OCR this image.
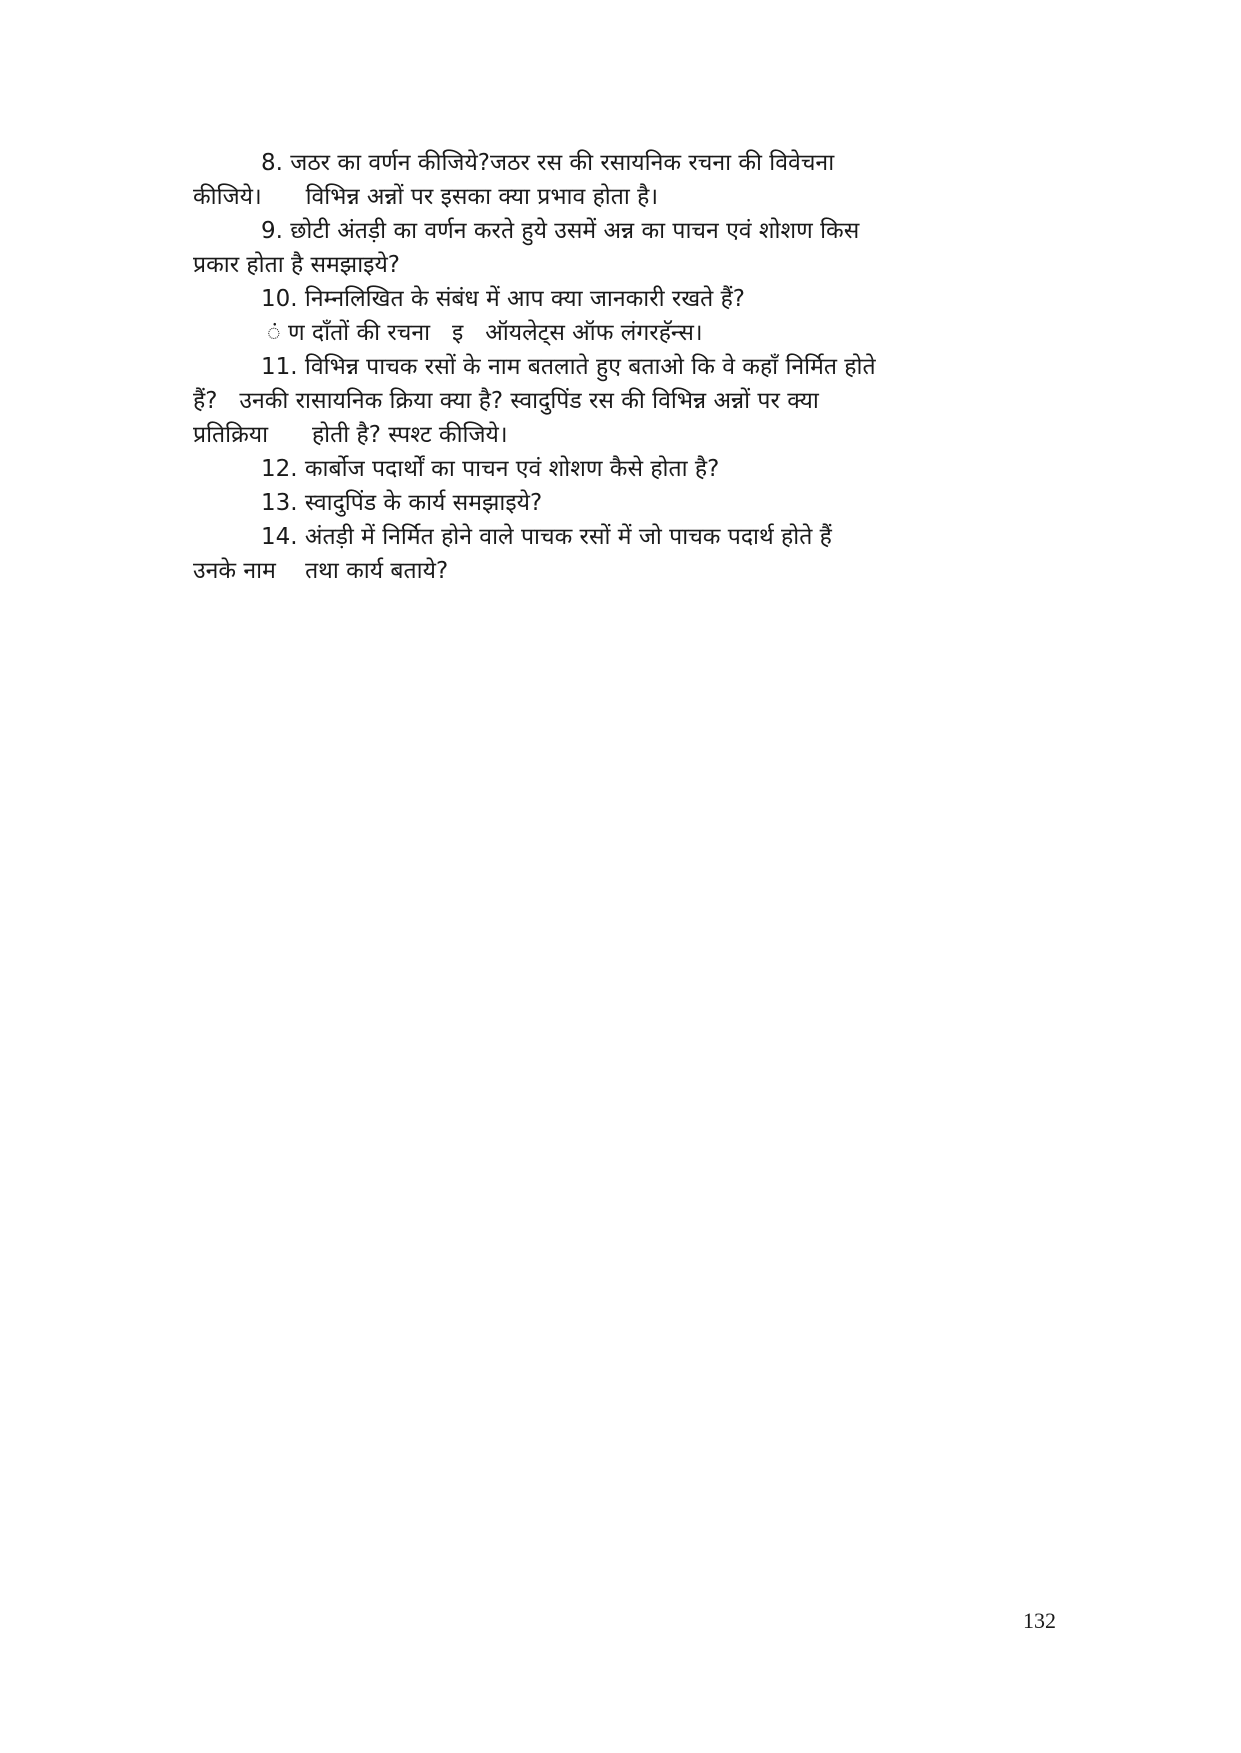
8. जठर का वर्णन कीजिये?जठर रस की रसायनिक रचना की विवेचना
कीजिये।      विभिन्न अन्नों पर इसका क्या प्रभाव होता है।
9. छोटी अंतड़ी का वर्णन करते हुये उसमें अन्न का पाचन एवं शोशण किस
प्रकार होता है समझाइये?
10. निम्नलिखित के संबंध में आप क्या जानकारी रखते हैं?
ं ण दाँतों की रचना   इ   ऑयलेट्स ऑफ लंगरहॅन्स।
11. विभिन्न पाचक रसों के नाम बतलाते हुए बताओ कि वे कहाँ निर्मित होते
हैं?   उनकी रासायनिक क्रिया क्या है? स्वादुपिंड रस की विभिन्न अन्नों पर क्या
प्रतिक्रिया      होती है? स्पश्ट कीजिये।
12. कार्बोज पदार्थों का पाचन एवं शोशण कैसे होता है?
13. स्वादुपिंड के कार्य समझाइये?
14. अंतड़ी में निर्मित होने वाले पाचक रसों में जो पाचक पदार्थ होते हैं
उनके नाम    तथा कार्य बताये?
132
